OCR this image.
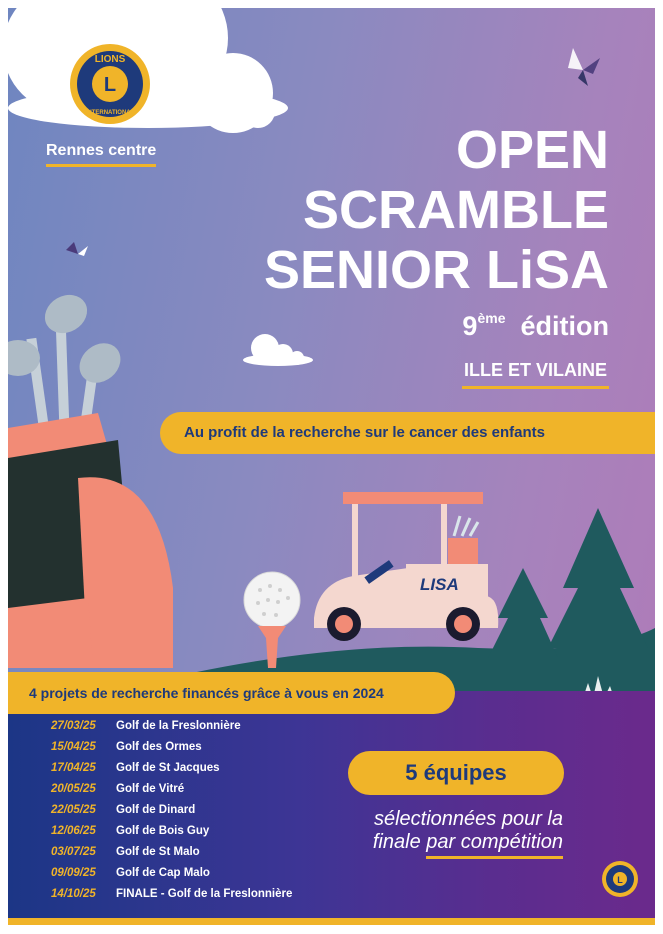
L
LIONS
INTERNATIONAL
Rennes centre	OPEN
SCRAMBLE
SENIOR LiSA
9ème édition
ILLE ET VILAINE
Au profit de la recherche sur le cancer des enfants
LISA
4 projets de recherche financés grâce à vous en 2024
27/03/25 Golf de la Freslonnière
15/04/25 Golf des Ormes
17/04/25 Golf de St Jacques
20/05/25 Golf de Vitré
22/05/25 Golf de Dinard
12/06/25 Golf de Bois Guy
03/07/25 Golf de St Malo
09/09/25 Golf de Cap Malo
14/10/25 FINALE - Golf de la Freslonnière
5 équipes
sélectionnées pour la
finale par compétition
L
